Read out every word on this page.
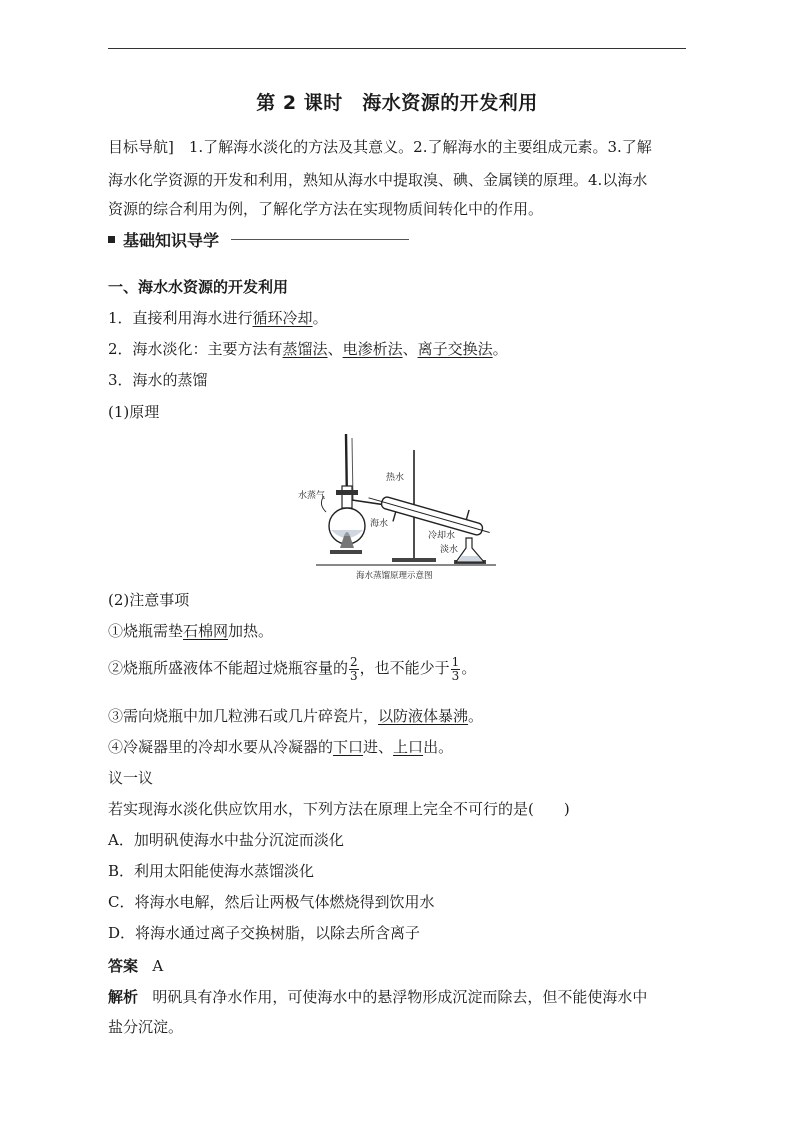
第 2 课时　海水资源的开发利用
目标导航]　1.了解海水淡化的方法及其意义。2.了解海水的主要组成元素。3.了解
海水化学资源的开发和利用，熟知从海水中提取溴、碘、金属镁的原理。4.以海水
资源的综合利用为例，了解化学方法在实现物质间转化中的作用。
基础知识导学
一、海水水资源的开发利用
1．直接利用海水进行循环冷却。
2．海水淡化：主要方法有蒸馏法、电渗析法、离子交换法。
3．海水的蒸馏
(1)原理
水蒸气
热水
海水
冷却水
淡水
海水蒸馏原理示意图
(2)注意事项
①烧瓶需垫石棉网加热。
②烧瓶所盛液体不能超过烧瓶容量的 $\frac{2}{3}$ ，也不能少于 $\frac{1}{3}$ 。
③需向烧瓶中加几粒沸石或几片碎瓷片，以防液体暴沸。
④冷凝器里的冷却水要从冷凝器的下口进、上口出。
议一议
若实现海水淡化供应饮用水，下列方法在原理上完全不可行的是( )
A．加明矾使海水中盐分沉淀而淡化
B．利用太阳能使海水蒸馏淡化
C．将海水电解，然后让两极气体燃烧得到饮用水
D．将海水通过离子交换树脂，以除去所含离子
答案 A
解析 明矾具有净水作用，可使海水中的悬浮物形成沉淀而除去，但不能使海水中
盐分沉淀。
